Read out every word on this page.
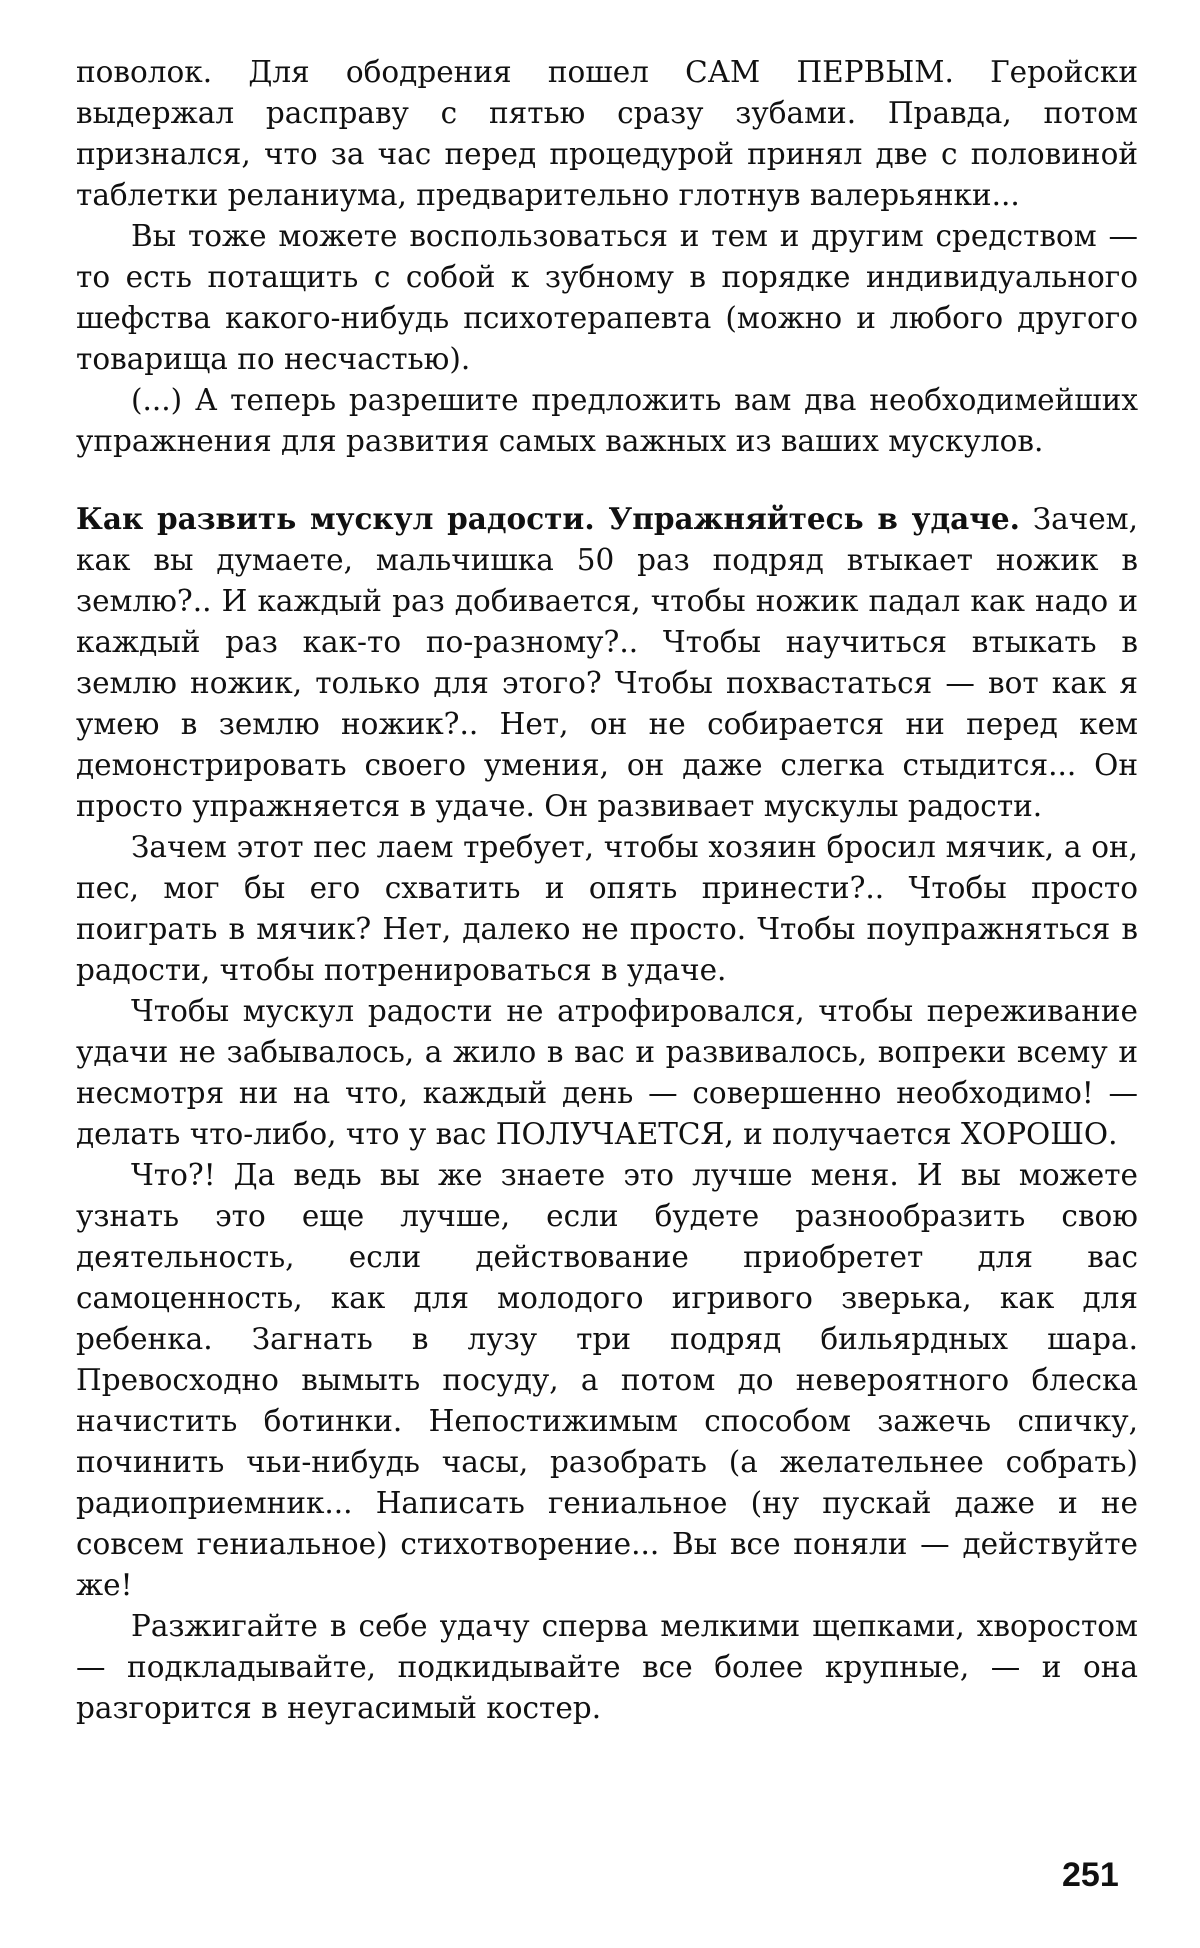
поволок. Для ободрения пошел САМ ПЕРВЫМ. Геройски выдержал расправу с пятью сразу зубами. Правда, потом признался, что за час перед процедурой принял две с половиной таблетки реланиума, предварительно глотнув валерьянки...

Вы тоже можете воспользоваться и тем и другим средством — то есть потащить с собой к зубному в порядке индивидуального шефства какого-нибудь психотерапевта (можно и любого другого товарища по несчастью).

(...) А теперь разрешите предложить вам два необходимейших упражнения для развития самых важных из ваших мускулов.

Как развить мускул радости. Упражняйтесь в удаче. Зачем, как вы думаете, мальчишка 50 раз подряд втыкает ножик в землю?.. И каждый раз добивается, чтобы ножик падал как надо и каждый раз как-то по-разному?.. Чтобы научиться втыкать в землю ножик, только для этого? Чтобы похвастаться — вот как я умею в землю ножик?.. Нет, он не собирается ни перед кем демонстрировать своего умения, он даже слегка стыдится... Он просто упражняется в удаче. Он развивает мускулы радости.

Зачем этот пес лаем требует, чтобы хозяин бросил мячик, а он, пес, мог бы его схватить и опять принести?.. Чтобы просто поиграть в мячик? Нет, далеко не просто. Чтобы поупражняться в радости, чтобы потренироваться в удаче.

Чтобы мускул радости не атрофировался, чтобы переживание удачи не забывалось, а жило в вас и развивалось, вопреки всему и несмотря ни на что, каждый день — совершенно необходимо! — делать что-либо, что у вас ПОЛУЧАЕТСЯ, и получается ХОРОШО.

Что?! Да ведь вы же знаете это лучше меня. И вы можете узнать это еще лучше, если будете разнообразить свою деятельность, если действование приобретет для вас самоценность, как для молодого игривого зверька, как для ребенка. Загнать в лузу три подряд бильярдных шара. Превосходно вымыть посуду, а потом до невероятного блеска начистить ботинки. Непостижимым способом зажечь спичку, починить чьи-нибудь часы, разобрать (а желательнее собрать) радиоприемник... Написать гениальное (ну пускай даже и не совсем гениальное) стихотворение... Вы все поняли — действуйте же!

Разжигайте в себе удачу сперва мелкими щепками, хворостом — подкладывайте, подкидывайте все более крупные, — и она разгорится в неугасимый костер.

251
